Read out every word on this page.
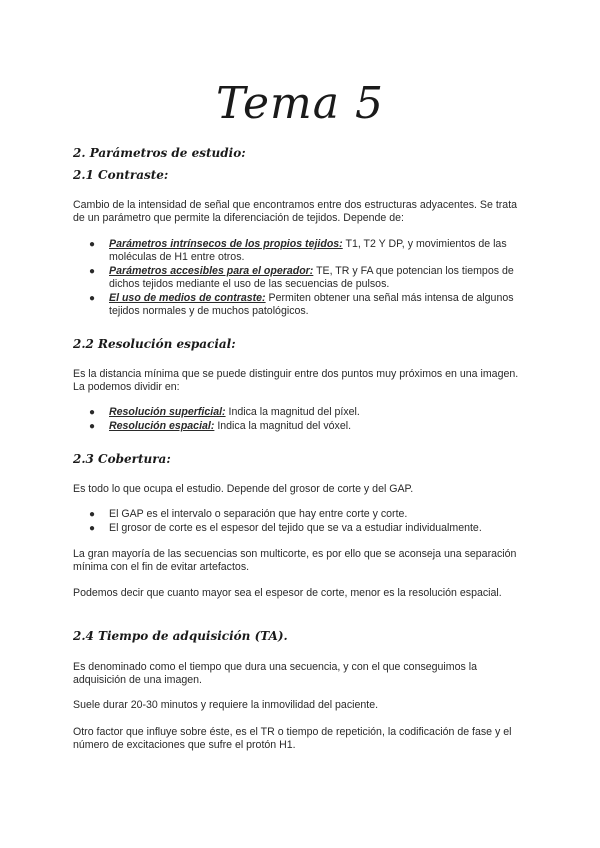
Tema 5
2. Parámetros de estudio:
2.1 Contraste:

Cambio de la intensidad de señal que encontramos entre dos estructuras adyacentes. Se trata de un parámetro que permite la diferenciación de tejidos. Depende de:

● Parámetros intrínsecos de los propios tejidos: T1, T2 Y DP, y movimientos de las moléculas de H1 entre otros.
● Parámetros accesibles para el operador: TE, TR y FA que potencian los tiempos de dichos tejidos mediante el uso de las secuencias de pulsos.
● El uso de medios de contraste: Permiten obtener una señal más intensa de algunos tejidos normales y de muchos patológicos.
2.2 Resolución espacial:

Es la distancia mínima que se puede distinguir entre dos puntos muy próximos en una imagen. La podemos dividir en:

● Resolución superficial: Indica la magnitud del píxel.
● Resolución espacial: Indica la magnitud del vóxel.
2.3 Cobertura:

Es todo lo que ocupa el estudio. Depende del grosor de corte y del GAP.

● El GAP es el intervalo o separación que hay entre corte y corte.
● El grosor de corte es el espesor del tejido que se va a estudiar individualmente.

La gran mayoría de las secuencias son multicorte, es por ello que se aconseja una separación mínima con el fin de evitar artefactos.

Podemos decir que cuanto mayor sea el espesor de corte, menor es la resolución espacial.

2.4 Tiempo de adquisición (TA).

Es denominado como el tiempo que dura una secuencia, y con el que conseguimos la adquisición de una imagen.

Suele durar 20-30 minutos y requiere la inmovilidad del paciente.

Otro factor que influye sobre éste, es el TR o tiempo de repetición, la codificación de fase y el número de excitaciones que sufre el protón H1.
